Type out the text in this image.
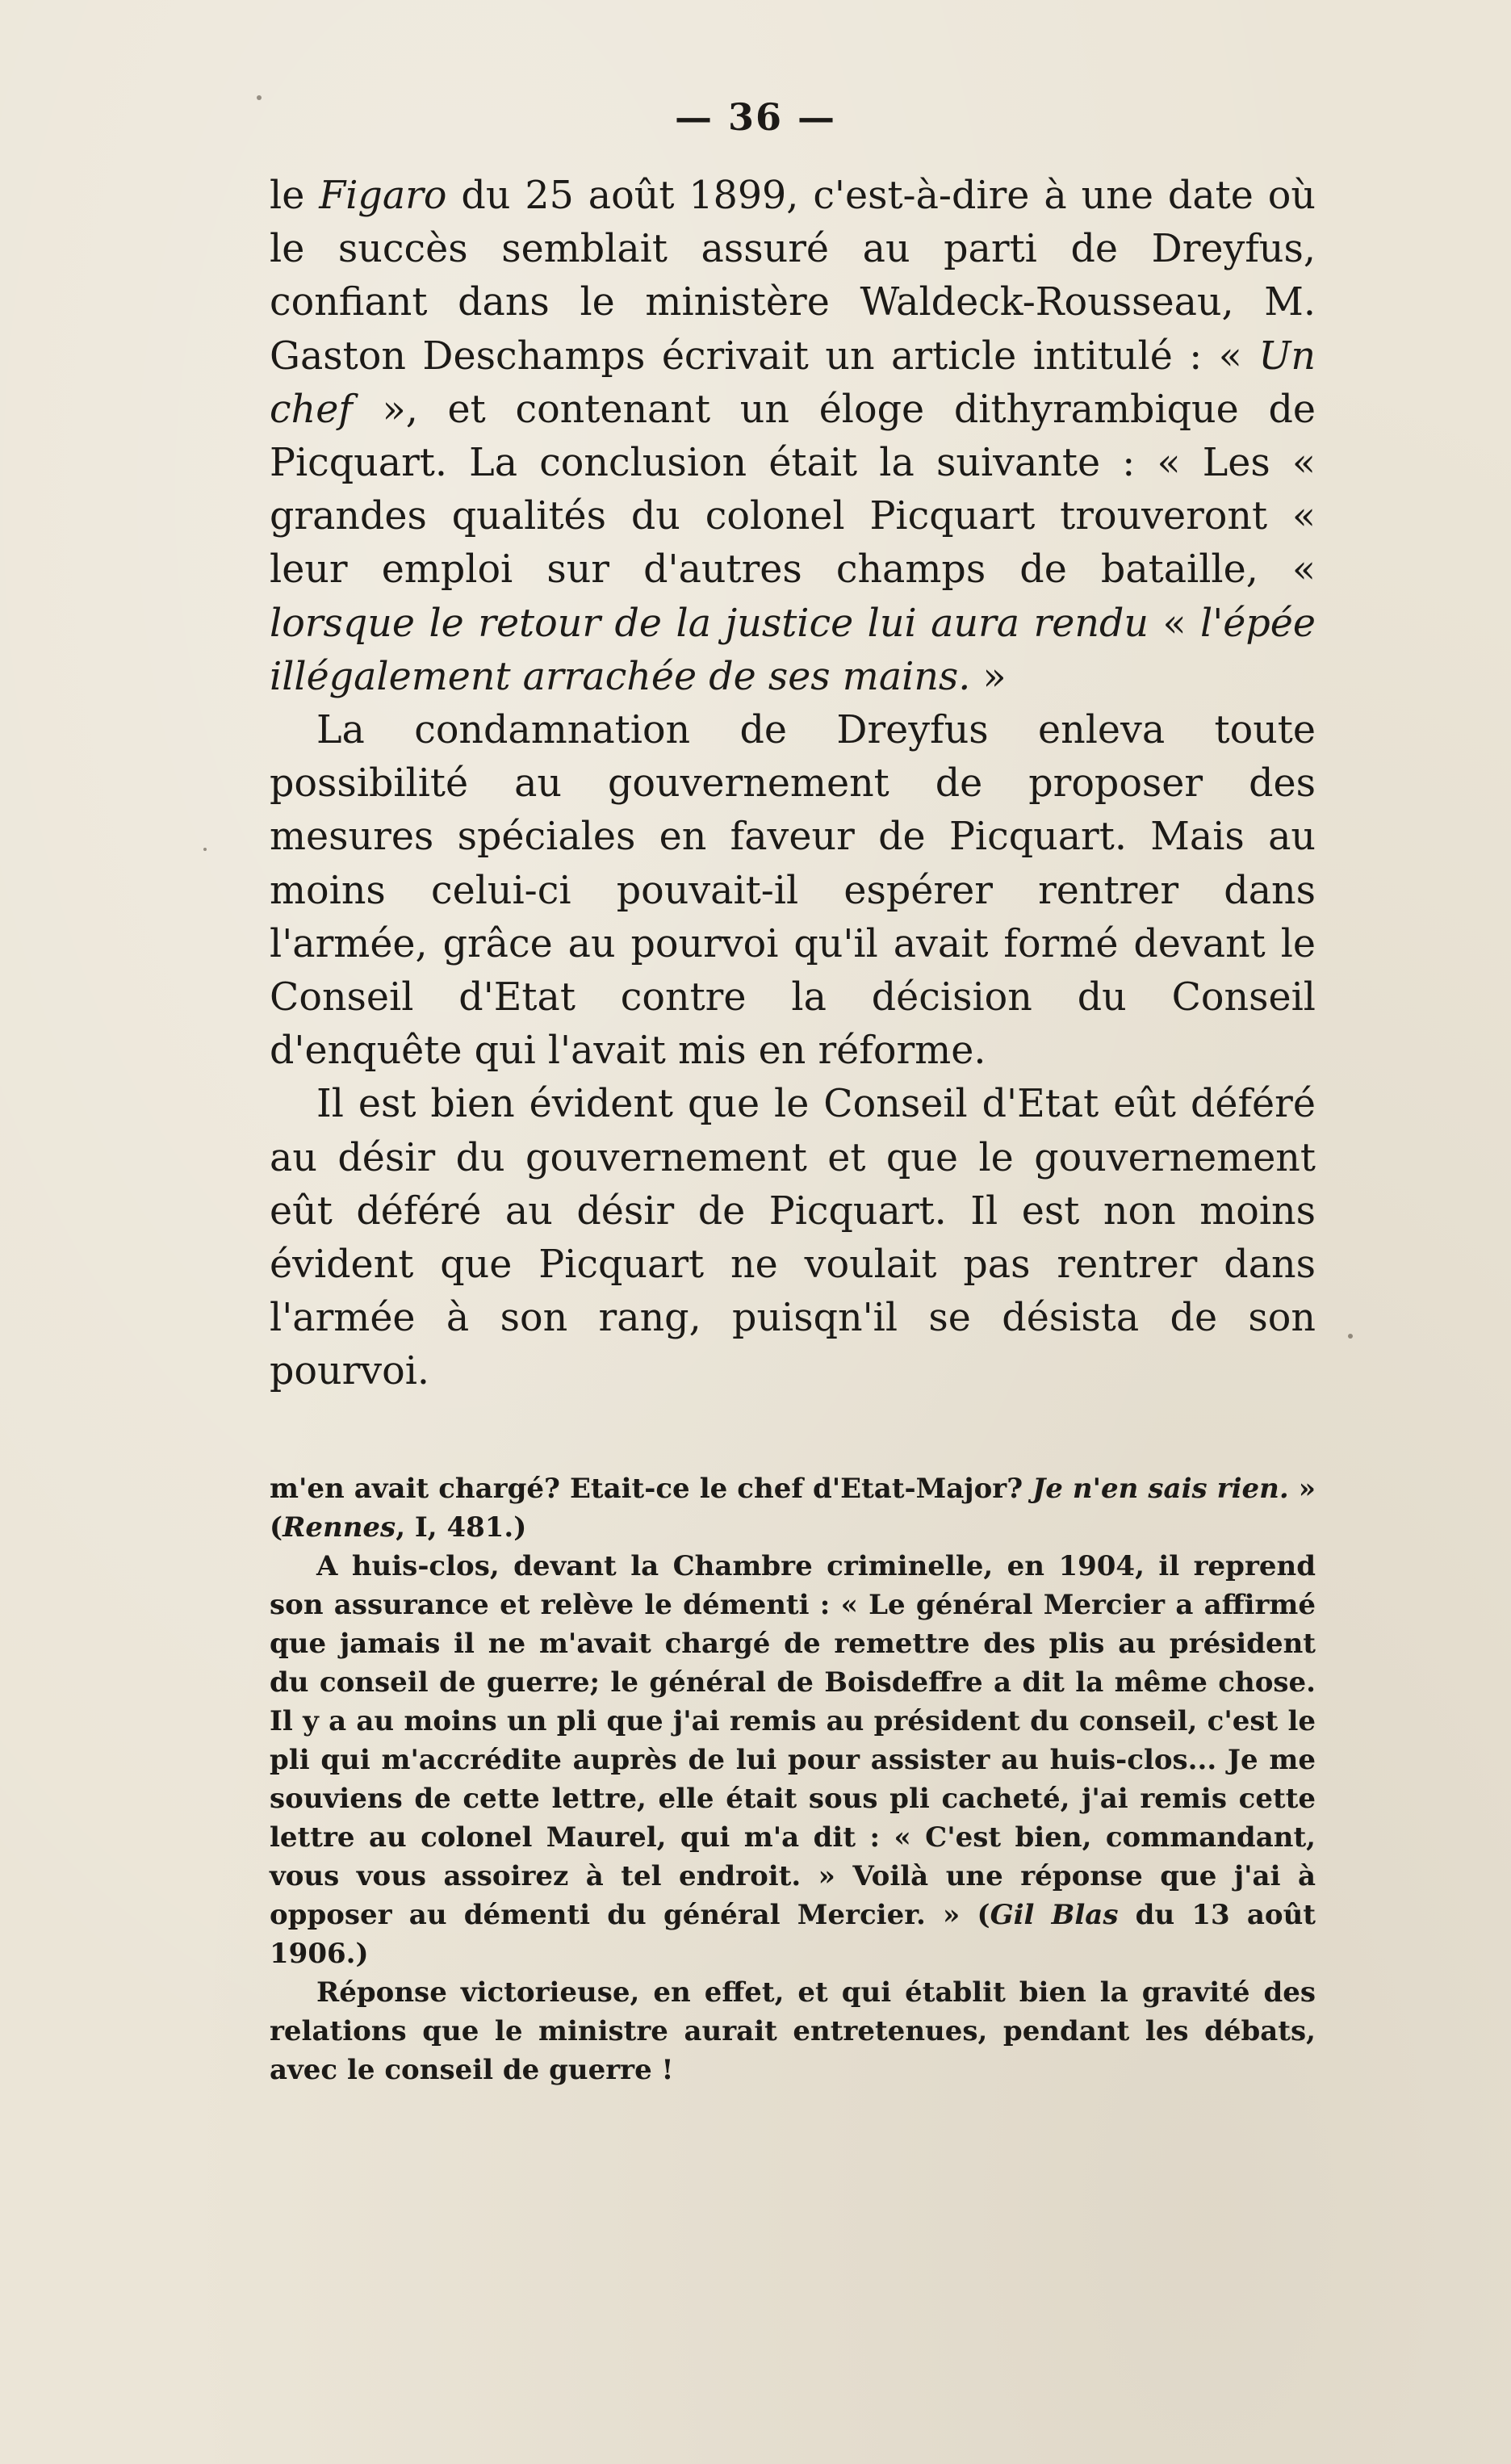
— 36 —

le Figaro du 25 août 1899, c'est-à-dire à une date où le succès semblait assuré au parti de Dreyfus, confiant dans le ministère Waldeck-Rousseau, M. Gaston Deschamps écrivait un article intitulé : « Un chef », et contenant un éloge dithyrambique de Picquart. La conclusion était la suivante : « Les « grandes qualités du colonel Picquart trouveront « leur emploi sur d'autres champs de bataille, « lorsque le retour de la justice lui aura rendu « l'épée illégalement arrachée de ses mains. »

La condamnation de Dreyfus enleva toute possibilité au gouvernement de proposer des mesures spéciales en faveur de Picquart. Mais au moins celui-ci pouvait-il espérer rentrer dans l'armée, grâce au pourvoi qu'il avait formé devant le Conseil d'Etat contre la décision du Conseil d'enquête qui l'avait mis en réforme.

Il est bien évident que le Conseil d'Etat eût déféré au désir du gouvernement et que le gouvernement eût déféré au désir de Picquart. Il est non moins évident que Picquart ne voulait pas rentrer dans l'armée à son rang, puisqn'il se désista de son pourvoi.

m'en avait chargé? Etait-ce le chef d'Etat-Major? Je n'en sais rien. » (Rennes, I, 481.)

A huis-clos, devant la Chambre criminelle, en 1904, il reprend son assurance et relève le démenti : « Le général Mercier a affirmé que jamais il ne m'avait chargé de remettre des plis au président du conseil de guerre; le général de Boisdeffre a dit la même chose. Il y a au moins un pli que j'ai remis au président du conseil, c'est le pli qui m'accrédite auprès de lui pour assister au huis-clos... Je me souviens de cette lettre, elle était sous pli cacheté, j'ai remis cette lettre au colonel Maurel, qui m'a dit : « C'est bien, commandant, vous vous assoirez à tel endroit. » Voilà une réponse que j'ai à opposer au démenti du général Mercier. » (Gil Blas du 13 août 1906.)

Réponse victorieuse, en effet, et qui établit bien la gravité des relations que le ministre aurait entretenues, pendant les débats, avec le conseil de guerre !
